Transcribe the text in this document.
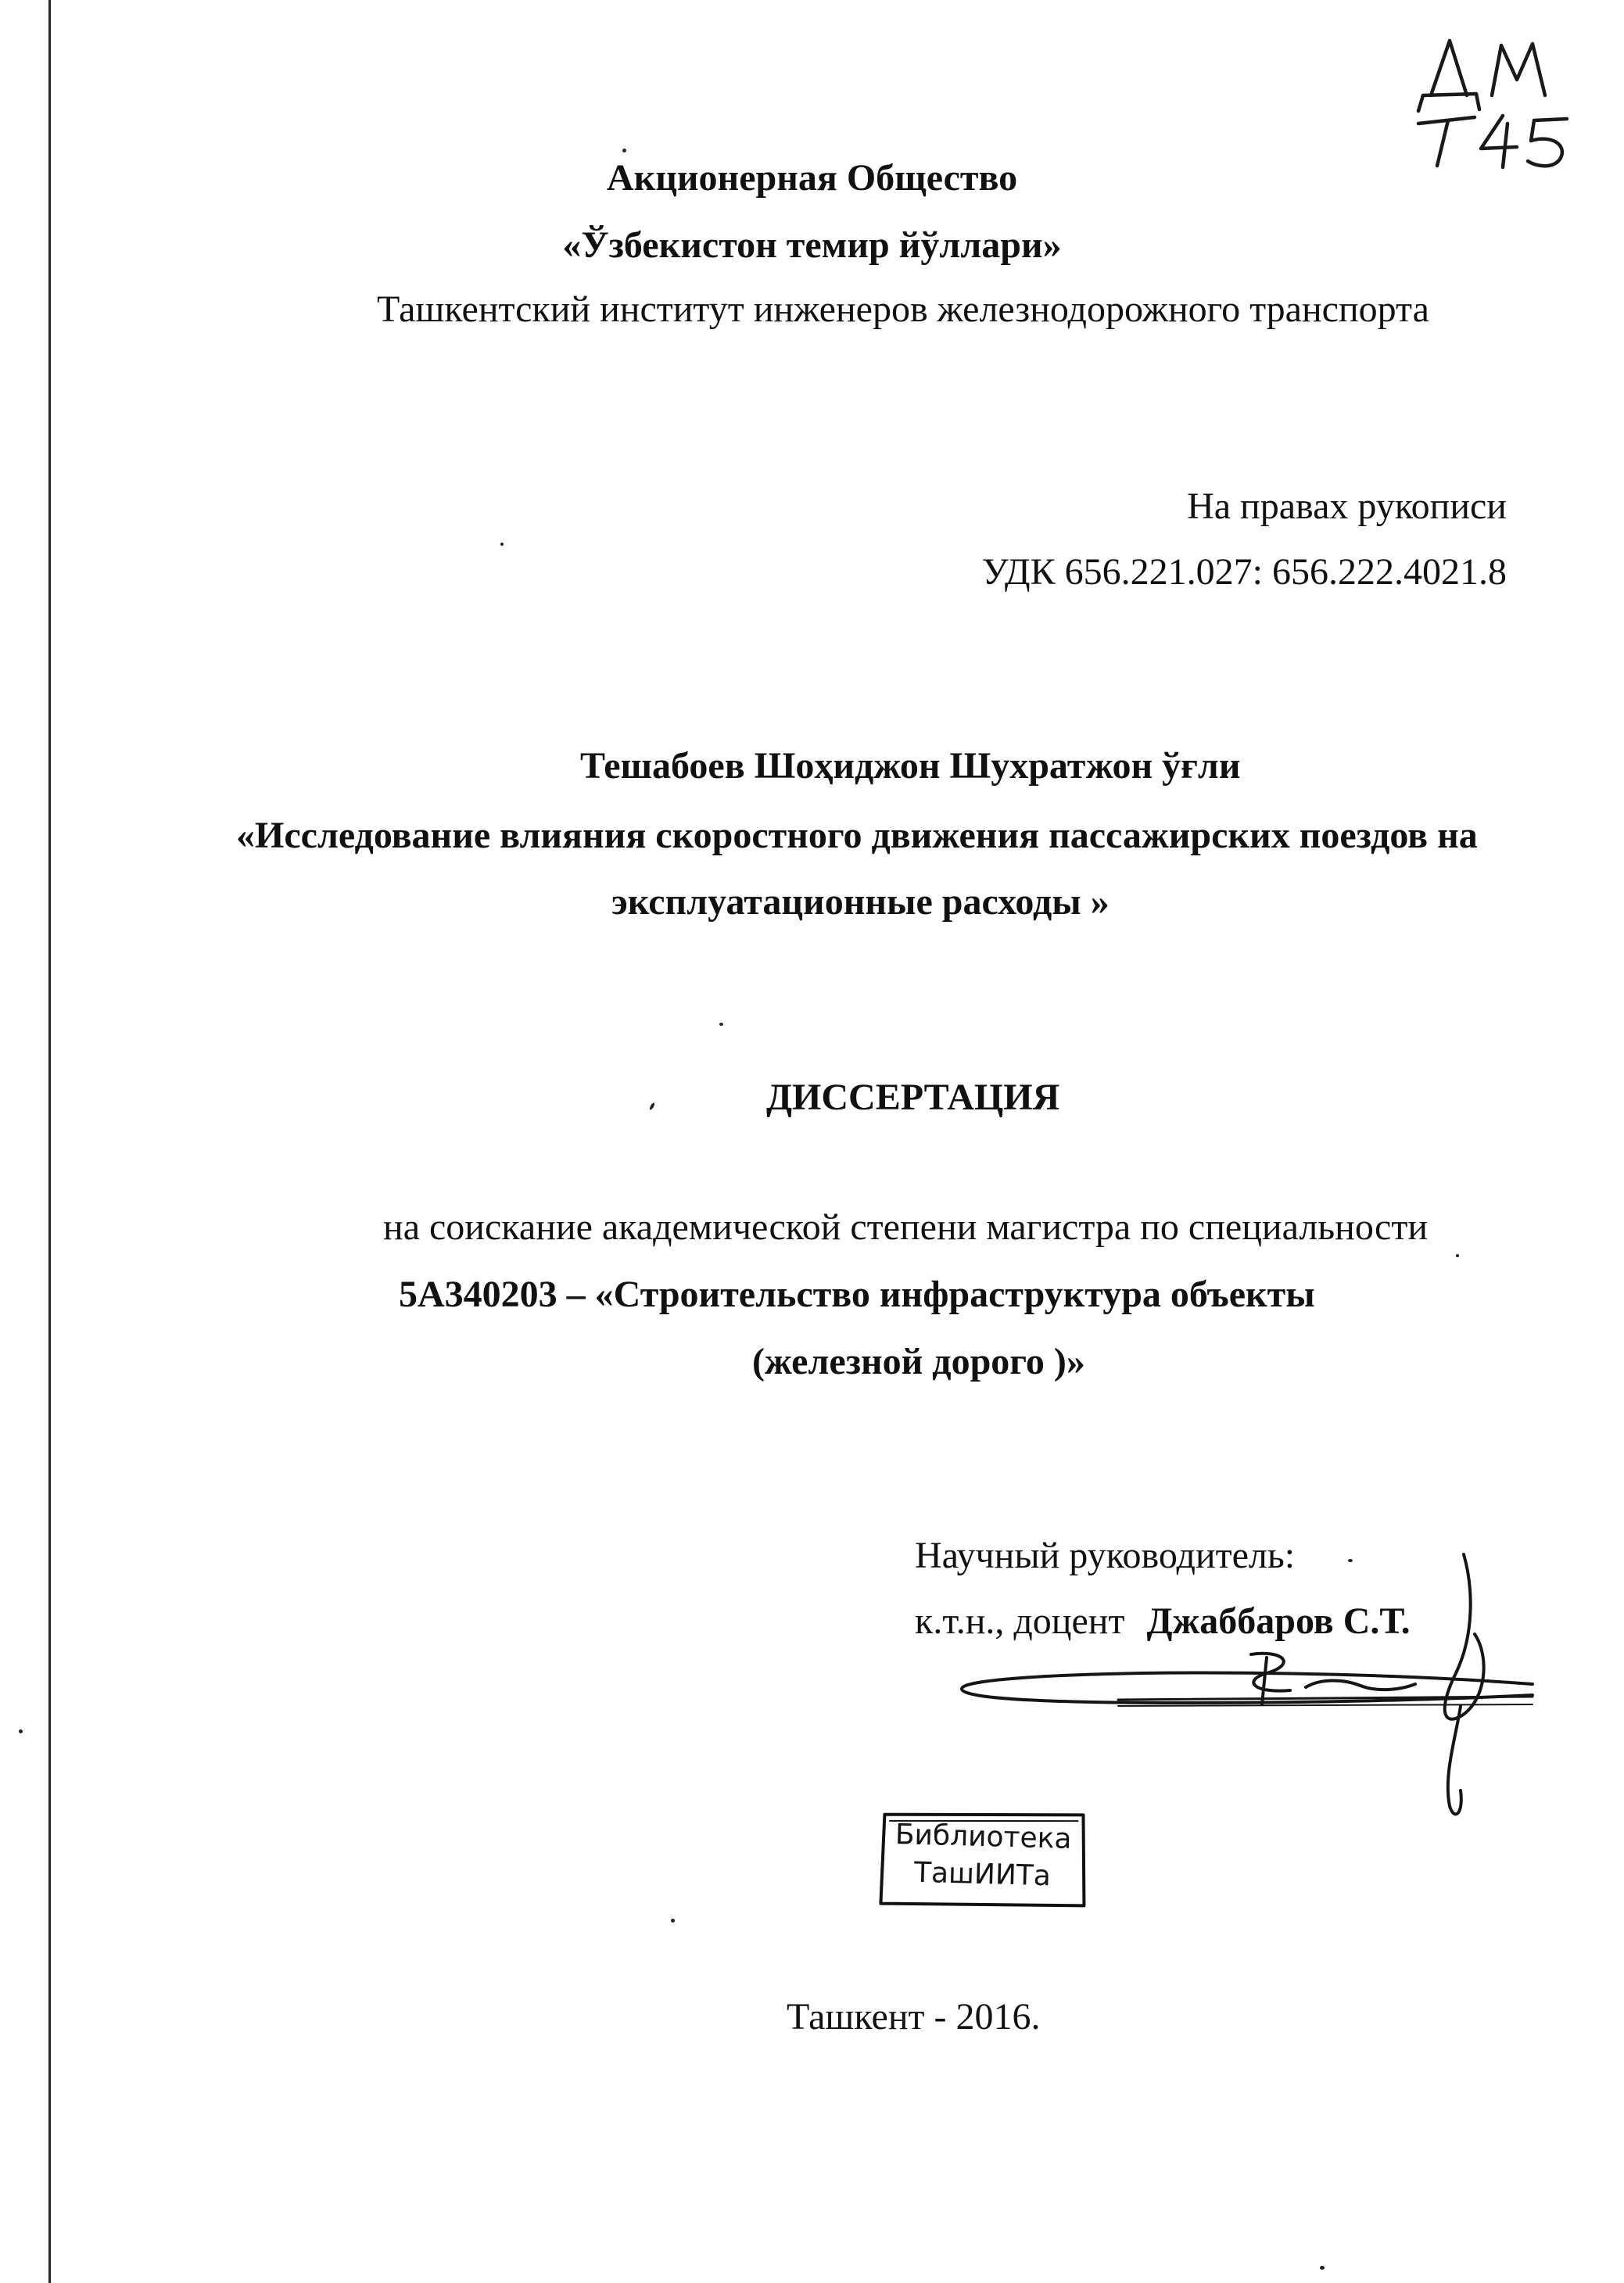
Акционерная Общество
«Ўзбекистон темир йўллари»
Ташкентский институт инженеров железнодорожного транспорта
На правах рукописи
УДК 656.221.027: 656.222.4021.8
Тешабоев Шоҳиджон Шухратжон ўғли
«Исследование влияния скоростного движения пассажирских поездов на
эксплуатационные расходы »
ДИССЕРТАЦИЯ
на соискание академической степени магистра по специальности
5А340203 – «Строительство инфраструктура объекты
(железной дорого )»
Научный руководитель:
к.т.н., доцент Джаббаров С.Т.
Библиотека
ТашИИТа
Ташкент - 2016.
